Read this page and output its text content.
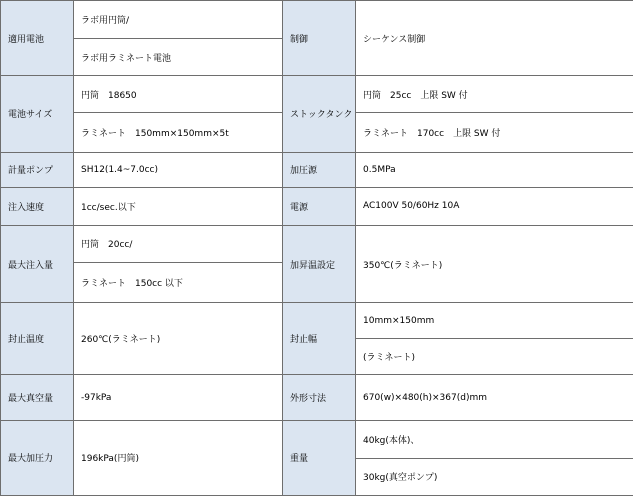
適用電池	ラボ用円筒/	制御	シーケンス制御
	ラボ用ラミネート電池		
電池サイズ	円筒　18650	ストックタンク	円筒　25cc　上限 SW 付
	ラミネート　150mm×150mm×5t		ラミネート　170cc　上限 SW 付
計量ポンプ	SH12(1.4~7.0cc)	加圧源	0.5MPa
注入速度	1cc/sec.以下	電源	AC100V 50/60Hz 10A
最大注入量	円筒　20cc/	加昇温設定	350℃(ラミネート)
	ラミネート　150cc 以下		
封止温度	260℃(ラミネート)	封止幅	10mm×150mm
			(ラミネート)
最大真空量	-97kPa	外形寸法	670(w)×480(h)×367(d)mm
最大加圧力	196kPa(円筒)	重量	40kg(本体)、
			30kg(真空ポンプ)
